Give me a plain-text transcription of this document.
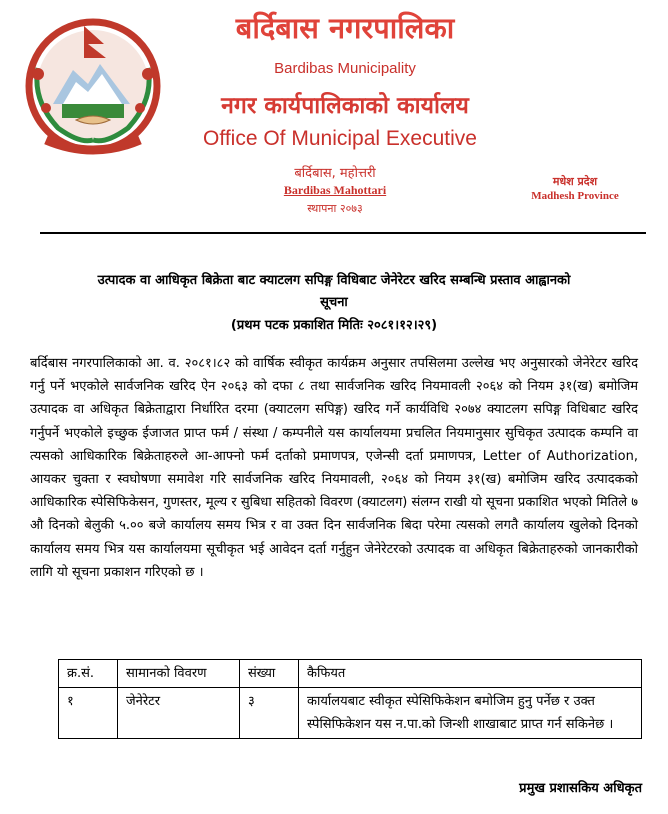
बर्दिबास नगरपालिका
Bardibas Municipality
नगर कार्यपालिकाको कार्यालय
Office Of Municipal Executive
बर्दिबास, महोत्तरी
Bardibas Mahottari
स्थापना २०७३
मधेश प्रदेश
Madhesh Province
उत्पादक वा आधिकृत बिक्रेता बाट क्याटलग सपिङ्ग विधिबाट जेनेरेटर खरिद सम्बन्धि प्रस्ताव आह्वानको
सूचना
(प्रथम पटक प्रकाशित मितिः २०८१।१२।२९)
बर्दिबास नगरपालिकाको आ. व. २०८१।८२ को वार्षिक स्वीकृत कार्यक्रम अनुसार तपसिलमा उल्लेख भए अनुसारको जेनेरेटर खरिद गर्नु पर्ने भएकोले सार्वजनिक खरिद ऐन २०६३ को दफा ८ तथा सार्वजनिक खरिद नियमावली २०६४ को नियम ३१(ख) बमोजिम उत्पादक वा अधिकृत बिक्रेताद्वारा निर्धारित दरमा (क्याटलग सपिङ्ग) खरिद गर्ने कार्यविधि २०७४ क्याटलग सपिङ्ग विधिबाट खरिद गर्नुपर्ने भएकोले इच्छुक ईजाजत प्राप्त फर्म / संस्था / कम्पनीले यस कार्यालयमा प्रचलित नियमानुसार सुचिकृत उत्पादक कम्पनि वा त्यसको आधिकारिक बिक्रेताहरुले आ-आफ्नो फर्म दर्ताको प्रमाणपत्र, एजेन्सी दर्ता प्रमाणपत्र, Letter of Authorization, आयकर चुक्ता र स्वघोषणा समावेश गरि सार्वजनिक खरिद नियमावली, २०६४ को नियम ३१(ख) बमोजिम खरिद उत्पादकको आधिकारिक स्पेसिफिकेसन, गुणस्तर, मूल्य र सुबिधा सहितको विवरण (क्याटलग) संलग्न राखी यो सूचना प्रकाशित भएको मितिले ७ औ दिनको बेलुकी ५.०० बजे कार्यालय समय भित्र र वा उक्त दिन सार्वजनिक बिदा परेमा त्यसको लगतै कार्यालय खुलेको दिनको कार्यालय समय भित्र यस कार्यालयमा सूचीकृत भई आवेदन दर्ता गर्नुहुन जेनेरेटरको उत्पादक वा अधिकृत बिक्रेताहरुको जानकारीको लागि यो सूचना प्रकाशन गरिएको छ ।
क्र.सं.	सामानको विवरण	संख्या	कैफियत
१	जेनेरेटर	३	कार्यालयबाट स्वीकृत स्पेसिफिकेशन बमोजिम हुनु पर्नेछ र उक्त स्पेसिफिकेशन यस न.पा.को जिन्शी शाखाबाट प्राप्त गर्न सकिनेछ ।
प्रमुख प्रशासकिय अधिकृत
